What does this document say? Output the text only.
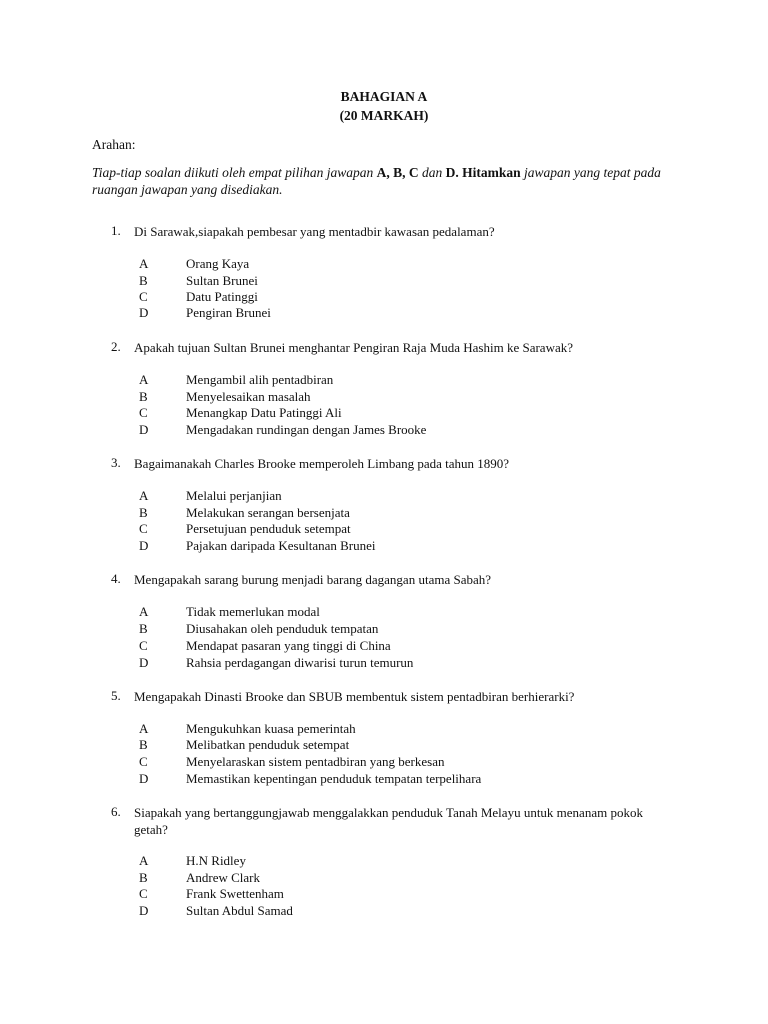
BAHAGIAN A
(20 MARKAH)
Arahan:
Tiap-tiap soalan diikuti oleh empat pilihan jawapan A, B, C dan D. Hitamkan jawapan yang tepat pada ruangan jawapan yang disediakan.
1. Di Sarawak,siapakah pembesar yang mentadbir kawasan pedalaman?
A	Orang Kaya
B	Sultan Brunei
C	Datu Patinggi
D	Pengiran Brunei
2. Apakah tujuan Sultan Brunei menghantar Pengiran Raja Muda Hashim ke Sarawak?
A	Mengambil alih pentadbiran
B	Menyelesaikan masalah
C	Menangkap Datu Patinggi Ali
D	Mengadakan rundingan dengan James Brooke
3. Bagaimanakah Charles Brooke memperoleh Limbang pada tahun 1890?
A	Melalui perjanjian
B	Melakukan serangan bersenjata
C	Persetujuan penduduk setempat
D	Pajakan daripada Kesultanan Brunei
4. Mengapakah sarang burung menjadi barang dagangan utama Sabah?
A	Tidak memerlukan modal
B	Diusahakan oleh penduduk tempatan
C	Mendapat pasaran yang tinggi di China
D	Rahsia perdagangan diwarisi turun temurun
5. Mengapakah Dinasti Brooke dan SBUB membentuk sistem pentadbiran berhierarki?
A	Mengukuhkan kuasa pemerintah
B	Melibatkan penduduk setempat
C	Menyelaraskan sistem pentadbiran yang berkesan
D	Memastikan kepentingan penduduk tempatan terpelihara
6. Siapakah yang bertanggungjawab menggalakkan penduduk Tanah Melayu untuk menanam pokok getah?
A	H.N Ridley
B	Andrew Clark
C	Frank Swettenham
D	Sultan Abdul Samad
